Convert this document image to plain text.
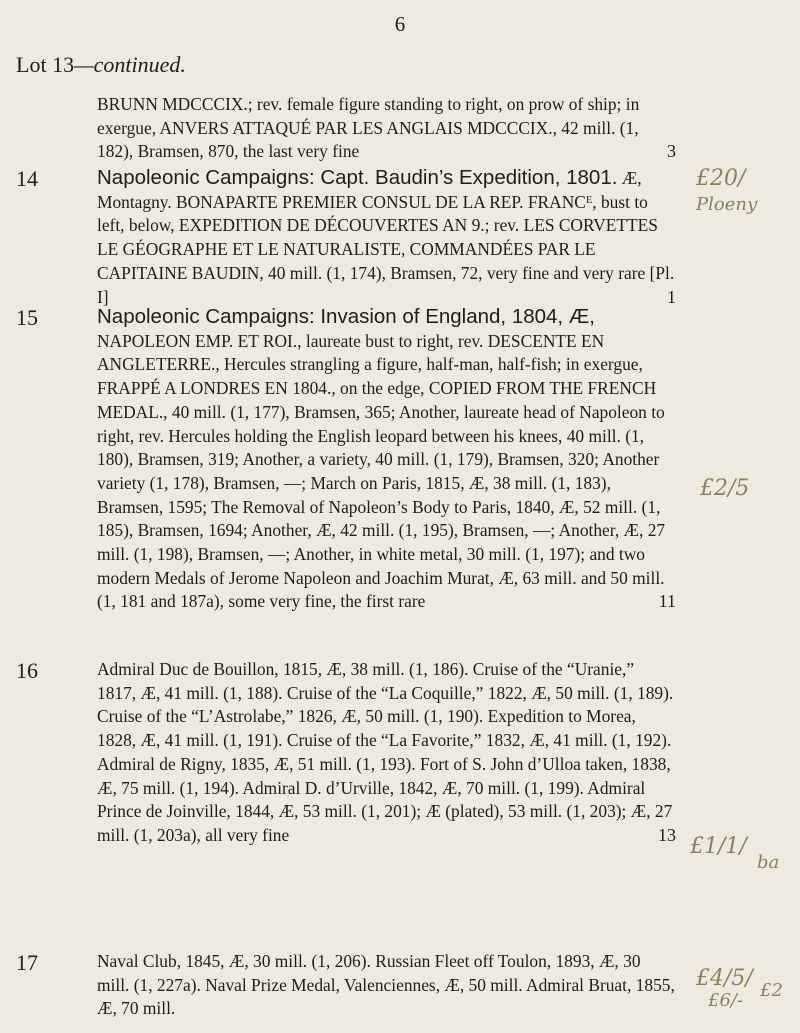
6
Lot 13—continued.
BRUNN MDCCCIX.; rev. female figure standing to right, on prow of ship; in exergue, ANVERS ATTAQUÉ PAR LES ANGLAIS MDCCCIX., 42 mill. (1, 182), Bramsen, 870, the last very fine	3
14	Napoleonic Campaigns: Capt. Baudin’s Expedition, 1801. Æ, Montagny. BONAPARTE PREMIER CONSUL DE LA REP. FRANCᴱ, bust to left, below, EXPEDITION DE DÉCOUVERTES AN 9.; rev. LES CORVETTES LE GÉOGRAPHE ET LE NATURALISTE, COMMANDÉES PAR LE CAPITAINE BAUDIN, 40 mill. (1, 174), Bramsen, 72, very fine and very rare [Pl. I]	1
15	Napoleonic Campaigns: Invasion of England, 1804, Æ, NAPOLEON EMP. ET ROI., laureate bust to right, rev. DESCENTE EN ANGLETERRE., Hercules strangling a figure, half-man, half-fish; in exergue, FRAPPÉ A LONDRES EN 1804., on the edge, COPIED FROM THE FRENCH MEDAL., 40 mill. (1, 177), Bramsen, 365; Another, laureate head of Napoleon to right, rev. Hercules holding the English leopard between his knees, 40 mill. (1, 180), Bramsen, 319; Another, a variety, 40 mill. (1, 179), Bramsen, 320; Another variety (1, 178), Bramsen, —; March on Paris, 1815, Æ, 38 mill. (1, 183), Bramsen, 1595; The Removal of Napoleon’s Body to Paris, 1840, Æ, 52 mill. (1, 185), Bramsen, 1694; Another, Æ, 42 mill. (1, 195), Bramsen, —; Another, Æ, 27 mill. (1, 198), Bramsen, —; Another, in white metal, 30 mill. (1, 197); and two modern Medals of Jerome Napoleon and Joachim Murat, Æ, 63 mill. and 50 mill. (1, 181 and 187a), some very fine, the first rare	11
16	Admiral Duc de Bouillon, 1815, Æ, 38 mill. (1, 186). Cruise of the “Uranie,” 1817, Æ, 41 mill. (1, 188). Cruise of the “La Coquille,” 1822, Æ, 50 mill. (1, 189). Cruise of the “L’Astrolabe,” 1826, Æ, 50 mill. (1, 190). Expedition to Morea, 1828, Æ, 41 mill. (1, 191). Cruise of the “La Favorite,” 1832, Æ, 41 mill. (1, 192). Admiral de Rigny, 1835, Æ, 51 mill. (1, 193). Fort of S. John d’Ulloa taken, 1838, Æ, 75 mill. (1, 194). Admiral D. d’Urville, 1842, Æ, 70 mill. (1, 199). Admiral Prince de Joinville, 1844, Æ, 53 mill. (1, 201); Æ (plated), 53 mill. (1, 203); Æ, 27 mill. (1, 203a), all very fine	13
17	Naval Club, 1845, Æ, 30 mill. (1, 206). Russian Fleet off Toulon, 1893, Æ, 30 mill. (1, 227a). Naval Prize Medal, Valenciennes, Æ, 50 mill. Admiral Bruat, 1855, Æ, 70 mill.
£20/
Ploeny
£2/5
£1/1/
£4/5/
ba
£6/- £2
